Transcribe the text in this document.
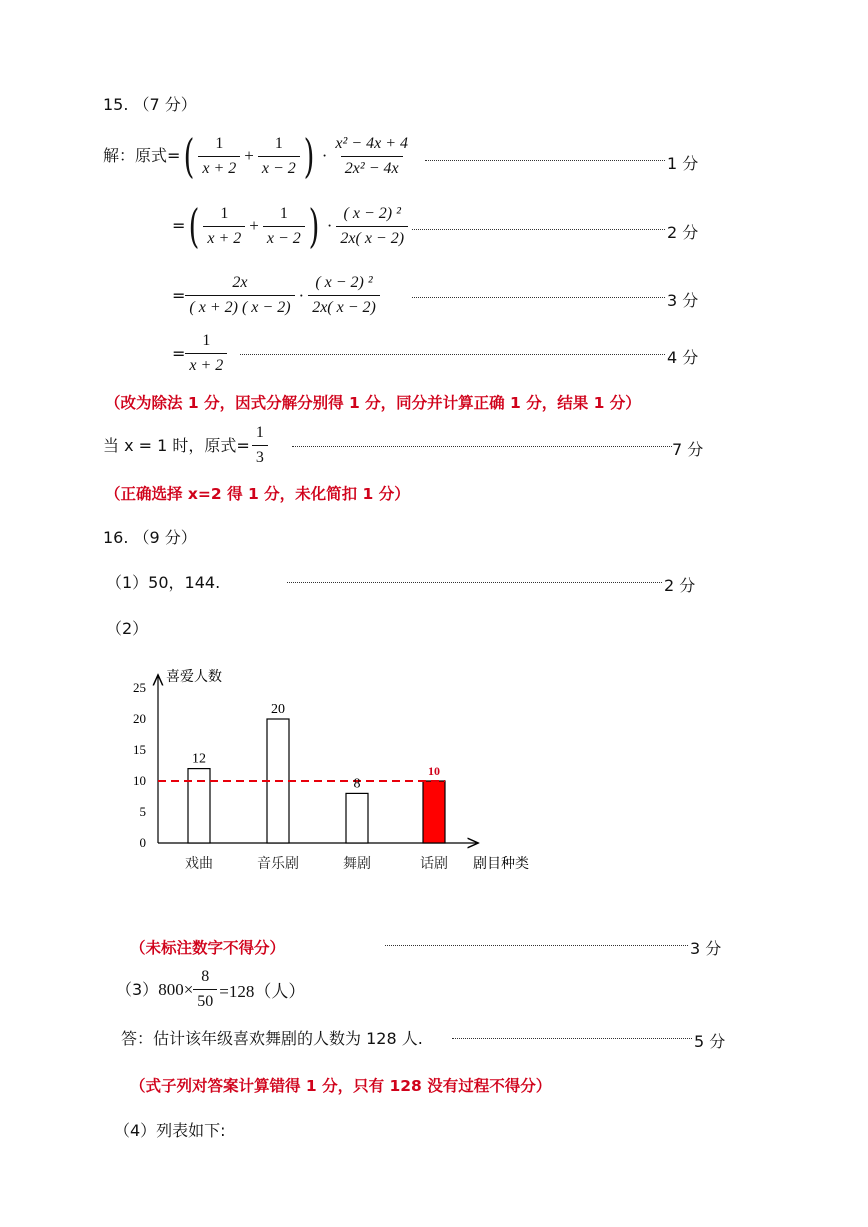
15. （7 分）
解：原式= ( $\frac{1}{x + 2} + \frac{1}{x - 2}$ ) · $\frac{\text{x² − 4x + 4}}{\text{2x² − 4x}}$	1 分
= ( $\frac{1}{x + 2} + \frac{1}{x - 2}$ ) · $\frac{\text{( x − 2) ²}}{2x( x - 2)}$	2 分
= $\frac{2x}{( x + 2) ( x - 2)} \cdot \frac{\text{( x − 2) ²}}{2x( x - 2)}$	3 分
= $\frac{1}{x + 2}$	4 分
（改为除法 1 分，因式分解分别得 1 分，同分并计算正确 1 分，结果 1 分）
当 x = 1 时，原式= $\frac{1}{3}$	7 分
（正确选择 x=2 得 1 分，未化简扣 1 分）
16. （9 分）
（1）50，144.	2 分
（2）
喜爱人数
剧目种类
0
5
10
15
20
25
12
戏曲
20
音乐剧
8
舞剧
10
话剧
（未标注数字不得分）	3 分
（3） $800\times \frac{8}{50} =128$（人）
答：估计该年级喜欢舞剧的人数为 128 人.	5 分
（式子列对答案计算错得 1 分，只有 128 没有过程不得分）
（4）列表如下:
